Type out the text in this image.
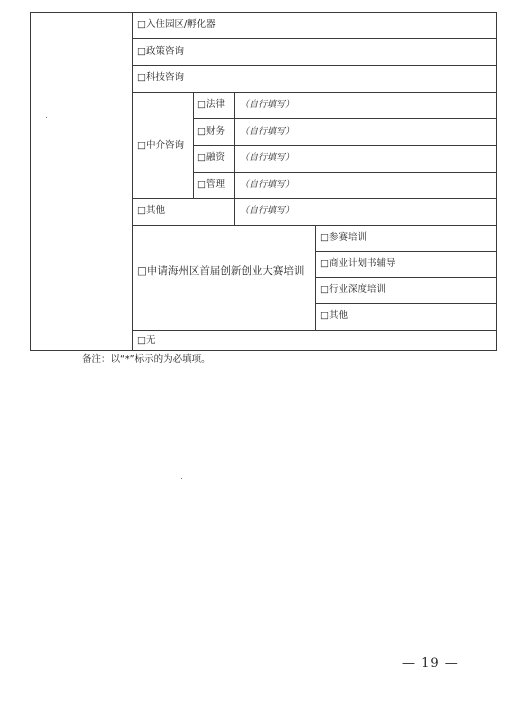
□入住园区/孵化器
□政策咨询
□科技咨询
□中介咨询
□法律 （自行填写）
□财务 （自行填写）
□融资 （自行填写）
□管理 （自行填写）
□其他	（自行填写）
□申请海州区首届创新创业大赛培训
□参赛培训
□商业计划书辅导
□行业深度培训
□其他
□无
备注：以“*”标示的为必填项。
— 19 —
